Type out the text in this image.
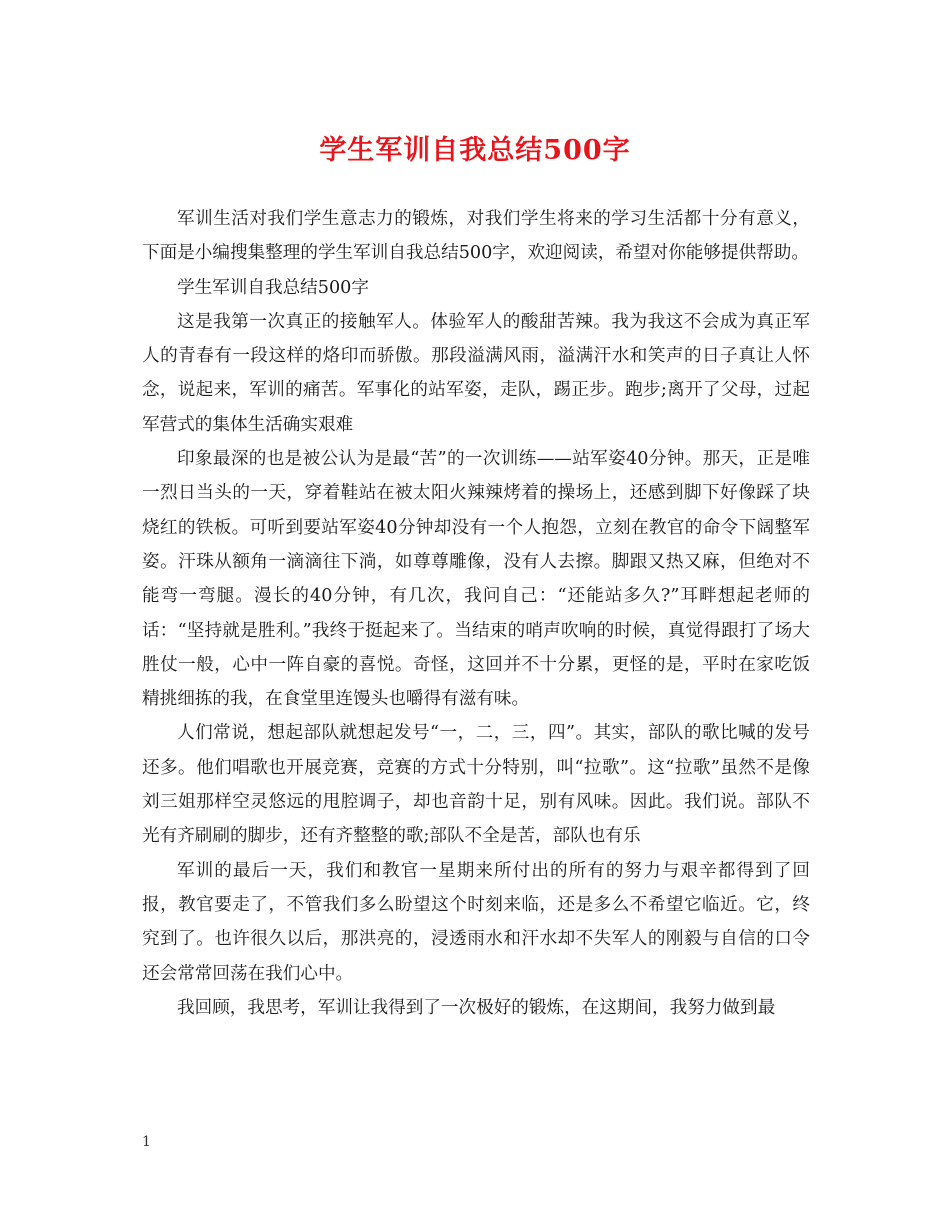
学生军训自我总结500字

军训生活对我们学生意志力的锻炼，对我们学生将来的学习生活都十分有意义，下面是小编搜集整理的学生军训自我总结500字，欢迎阅读，希望对你能够提供帮助。

学生军训自我总结500字

这是我第一次真正的接触军人。体验军人的酸甜苦辣。我为我这不会成为真正军人的青春有一段这样的烙印而骄傲。那段溢满风雨，溢满汗水和笑声的日子真让人怀念，说起来，军训的痛苦。军事化的站军姿，走队，踢正步。跑步;离开了父母，过起军营式的集体生活确实艰难

印象最深的也是被公认为是最“苦”的一次训练——站军姿40分钟。那天，正是唯一烈日当头的一天，穿着鞋站在被太阳火辣辣烤着的操场上，还感到脚下好像踩了块烧红的铁板。可听到要站军姿40分钟却没有一个人抱怨，立刻在教官的命令下阔整军姿。汗珠从额角一滴滴往下淌，如尊尊雕像，没有人去擦。脚跟又热又麻，但绝对不能弯一弯腿。漫长的40分钟，有几次，我问自己：“还能站多久?”耳畔想起老师的话：“坚持就是胜利。”我终于挺起来了。当结束的哨声吹响的时候，真觉得跟打了场大胜仗一般，心中一阵自豪的喜悦。奇怪，这回并不十分累，更怪的是，平时在家吃饭精挑细拣的我，在食堂里连馒头也嚼得有滋有味。

人们常说，想起部队就想起发号“一，二，三，四”。其实，部队的歌比喊的发号还多。他们唱歌也开展竞赛，竞赛的方式十分特别，叫“拉歌”。这“拉歌”虽然不是像刘三姐那样空灵悠远的甩腔调子，却也音韵十足，别有风味。因此。我们说。部队不光有齐刷刷的脚步，还有齐整整的歌;部队不全是苦，部队也有乐

军训的最后一天，我们和教官一星期来所付出的所有的努力与艰辛都得到了回报，教官要走了，不管我们多么盼望这个时刻来临，还是多么不希望它临近。它，终究到了。也许很久以后，那洪亮的，浸透雨水和汗水却不失军人的刚毅与自信的口令还会常常回荡在我们心中。

我回顾，我思考，军训让我得到了一次极好的锻炼，在这期间，我努力做到最

1
